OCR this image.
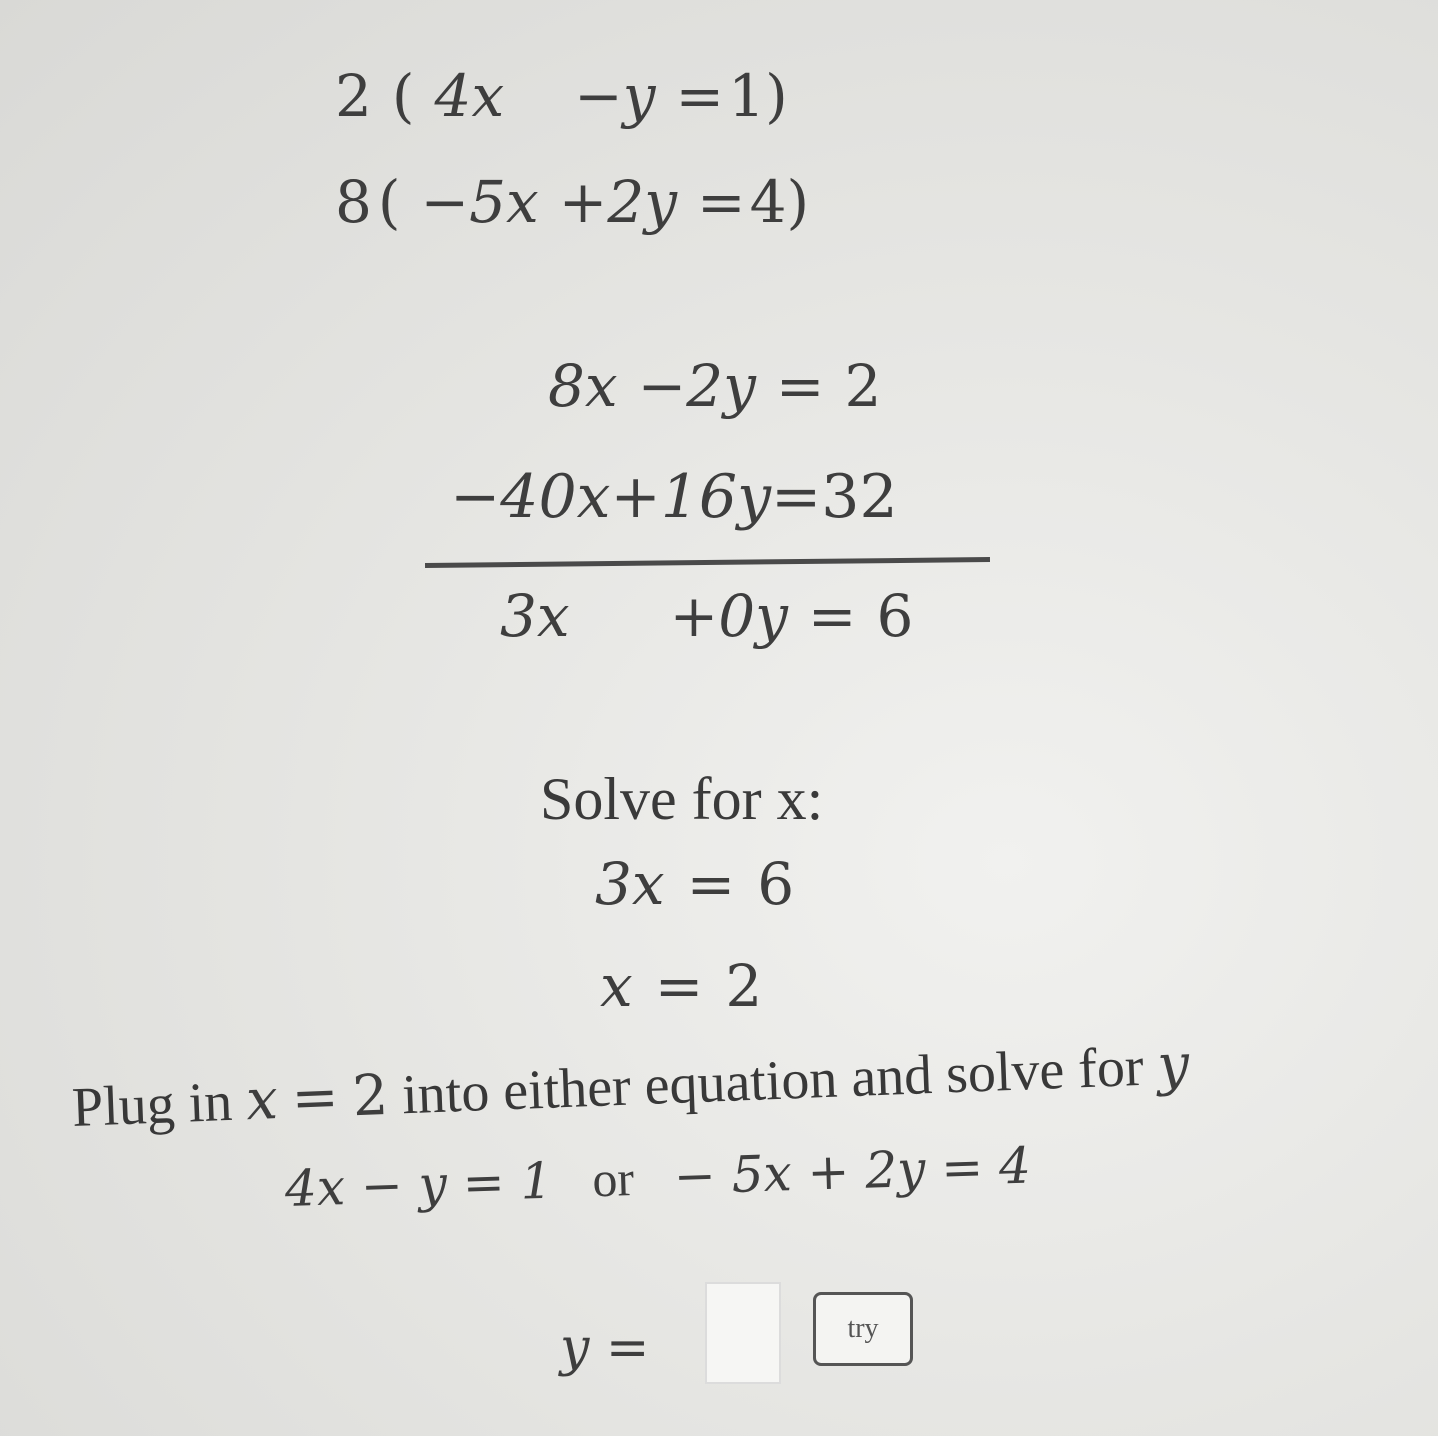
2 ( 4x −y =1)
8 ( −5x +2y =4)
8x −2y = 2
−40x+16y=32
3x +0y = 6
Solve for x:
3x = 6
x = 2
Plug in x = 2 into either equation and solve for y
4x − y = 1 or − 5x + 2y = 4
y =	try
